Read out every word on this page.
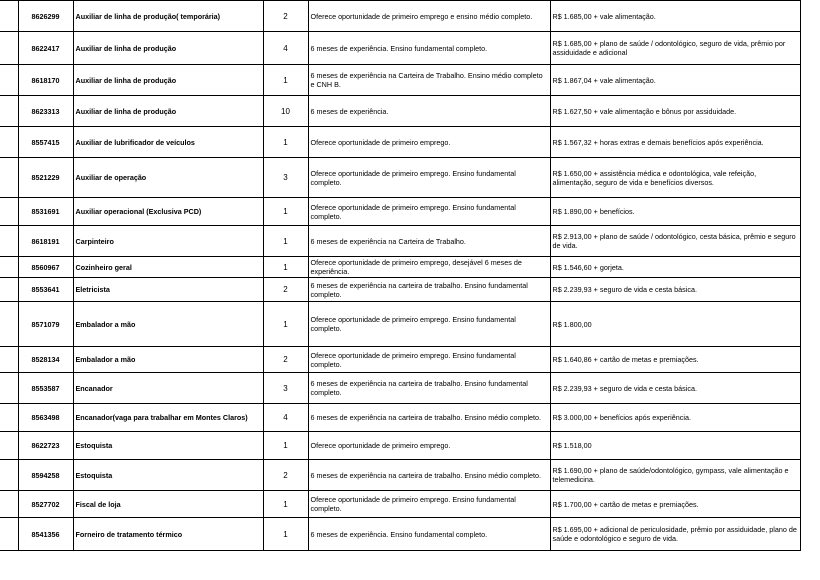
	8626299	Auxiliar de linha de produção( temporária)	2	Oferece oportunidade de primeiro emprego e ensino médio completo.	R$ 1.685,00 + vale alimentação.
	8622417	Auxiliar de linha de produção	4	6 meses de experiência. Ensino fundamental completo.	R$ 1.685,00 + plano de saúde / odontológico, seguro de vida, prêmio por assiduidade e adicional
	8618170	Auxiliar de linha de produção	1	6 meses de experiência na Carteira de Trabalho. Ensino médio completo e CNH B.	R$ 1.867,04 + vale alimentação.
	8623313	Auxiliar de linha de produção	10	6 meses de experiência.	R$ 1.627,50 + vale alimentação e bônus por assiduidade.
	8557415	Auxiliar de lubrificador de veículos	1	Oferece oportunidade de primeiro emprego.	R$ 1.567,32 + horas extras e demais benefícios após experiência.
	8521229	Auxiliar de operação	3	Oferece oportunidade de primeiro emprego. Ensino fundamental completo.	R$ 1.650,00 + assistência médica e odontológica, vale refeição, alimentação, seguro de vida e benefícios diversos.
	8531691	Auxiliar operacional (Exclusiva PCD)	1	Oferece oportunidade de primeiro emprego. Ensino fundamental completo.	R$ 1.890,00 + benefícios.
	8618191	Carpinteiro	1	6 meses de experiência na Carteira de Trabalho.	R$ 2.913,00 + plano de saúde / odontológico, cesta básica, prêmio e seguro de vida.
	8560967	Cozinheiro geral	1	Oferece oportunidade de primeiro emprego, desejável 6 meses de experiência.	R$ 1.546,60 + gorjeta.
	8553641	Eletricista	2	6 meses de experiência na carteira de trabalho. Ensino fundamental completo.	R$ 2.239,93 + seguro de vida e cesta básica.
	8571079	Embalador a mão	1	Oferece oportunidade de primeiro emprego. Ensino fundamental completo.	R$ 1.800,00
	8528134	Embalador a mão	2	Oferece oportunidade de primeiro emprego. Ensino fundamental completo.	R$ 1.640,86 + cartão de metas e premiações.
	8553587	Encanador	3	6 meses de experiência na carteira de trabalho. Ensino fundamental completo.	R$ 2.239,93 + seguro de vida e cesta básica.
	8563498	Encanador(vaga para trabalhar em Montes Claros)	4	6 meses de experiência na carteira de trabalho. Ensino médio completo.	R$ 3.000,00 + benefícios após experiência.
	8622723	Estoquista	1	Oferece oportunidade de primeiro emprego.	R$ 1.518,00
	8594258	Estoquista	2	6 meses de experiência na carteira de trabalho. Ensino médio completo.	R$ 1.690,00 + plano de saúde/odontológico, gympass, vale alimentação e telemedicina.
	8527702	Fiscal de loja	1	Oferece oportunidade de primeiro emprego. Ensino fundamental completo.	R$ 1.700,00 + cartão de metas e premiações.
	8541356	Forneiro de tratamento térmico	1	6 meses de experiência. Ensino fundamental completo.	R$ 1.695,00 + adicional de periculosidade, prêmio por assiduidade, plano de saúde e odontológico e seguro de vida.
